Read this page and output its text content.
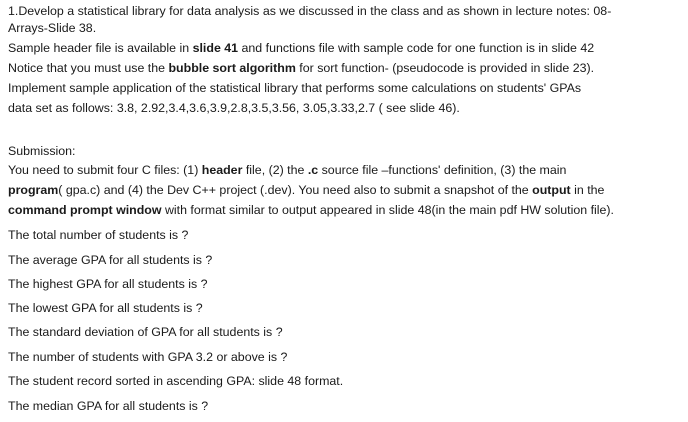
1.Develop a statistical library for data analysis as we discussed in the class and as shown in lecture notes: 08-
Arrays-Slide 38.
Sample header file is available in slide 41 and functions file with sample code for one function is in slide 42
Notice that you must use the bubble sort algorithm for sort function- (pseudocode is provided in slide 23).
Implement sample application of the statistical library that performs some calculations on students' GPAs
data set as follows: 3.8, 2.92,3.4,3.6,3.9,2.8,3.5,3.56, 3.05,3.33,2.7 ( see slide 46).
Submission:
You need to submit four C files: (1) header file, (2) the .c source file –functions' definition, (3) the main
program( gpa.c) and (4) the Dev C++ project (.dev). You need also to submit a snapshot of the output in the
command prompt window with format similar to output appeared in slide 48(in the main pdf HW solution file).
The total number of students is ?
The average GPA for all students is ?
The highest GPA for all students is ?
The lowest GPA for all students is ?
The standard deviation of GPA for all students is ?
The number of students with GPA 3.2 or above is ?
The student record sorted in ascending GPA: slide 48 format.
The median GPA for all students is ?
